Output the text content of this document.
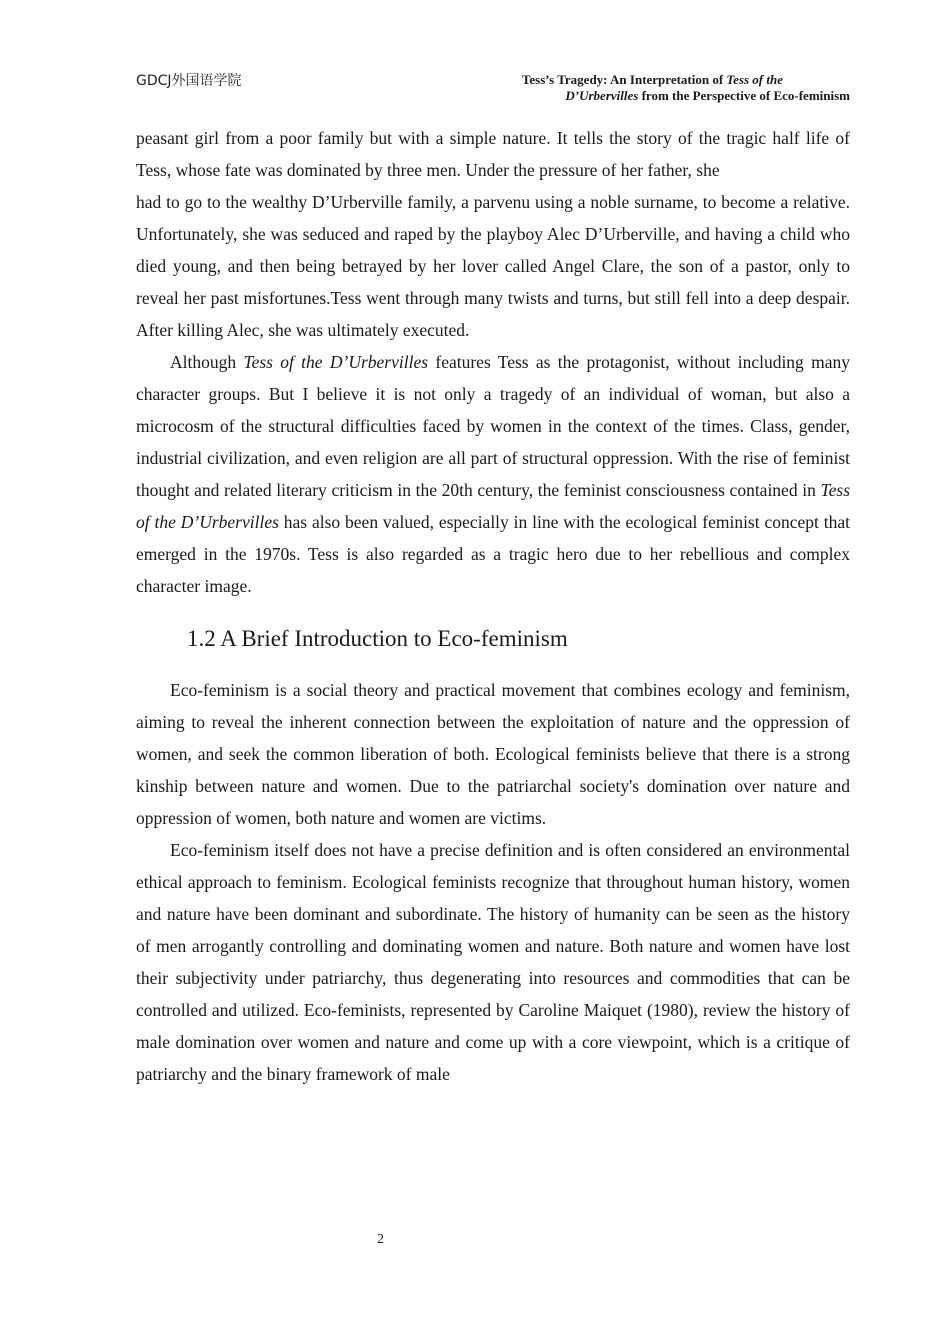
GDCJ外国语学院	Tess’s Tragedy: An Interpretation of Tess of the
D’Urbervilles from the Perspective of Eco-feminism

peasant girl from a poor family but with a simple nature. It tells the story of the tragic half life of Tess, whose fate was dominated by three men. Under the pressure of her father, she

had to go to the wealthy D’Urberville family, a parvenu using a noble surname, to become a relative. Unfortunately, she was seduced and raped by the playboy Alec D’Urberville, and having a child who died young, and then being betrayed by her lover called Angel Clare, the son of a pastor, only to reveal her past misfortunes.Tess went through many twists and turns, but still fell into a deep despair. After killing Alec, she was ultimately executed.

Although Tess of the D’Urbervilles features Tess as the protagonist, without including many character groups. But I believe it is not only a tragedy of an individual of woman, but also a microcosm of the structural difficulties faced by women in the context of the times. Class, gender, industrial civilization, and even religion are all part of structural oppression. With the rise of feminist thought and related literary criticism in the 20th century, the feminist consciousness contained in Tess of the D’Urbervilles has also been valued, especially in line with the ecological feminist concept that emerged in the 1970s. Tess is also regarded as a tragic hero due to her rebellious and complex character image.

1.2 A Brief Introduction to Eco-feminism

Eco-feminism is a social theory and practical movement that combines ecology and feminism, aiming to reveal the inherent connection between the exploitation of nature and the oppression of women, and seek the common liberation of both. Ecological feminists believe that there is a strong kinship between nature and women. Due to the patriarchal society's domination over nature and oppression of women, both nature and women are victims.

Eco-feminism itself does not have a precise definition and is often considered an environmental ethical approach to feminism. Ecological feminists recognize that throughout human history, women and nature have been dominant and subordinate. The history of humanity can be seen as the history of men arrogantly controlling and dominating women and nature. Both nature and women have lost their subjectivity under patriarchy, thus degenerating into resources and commodities that can be controlled and utilized. Eco-feminists, represented by Caroline Maiquet (1980), review the history of male domination over women and nature and come up with a core viewpoint, which is a critique of patriarchy and the binary framework of male

2
